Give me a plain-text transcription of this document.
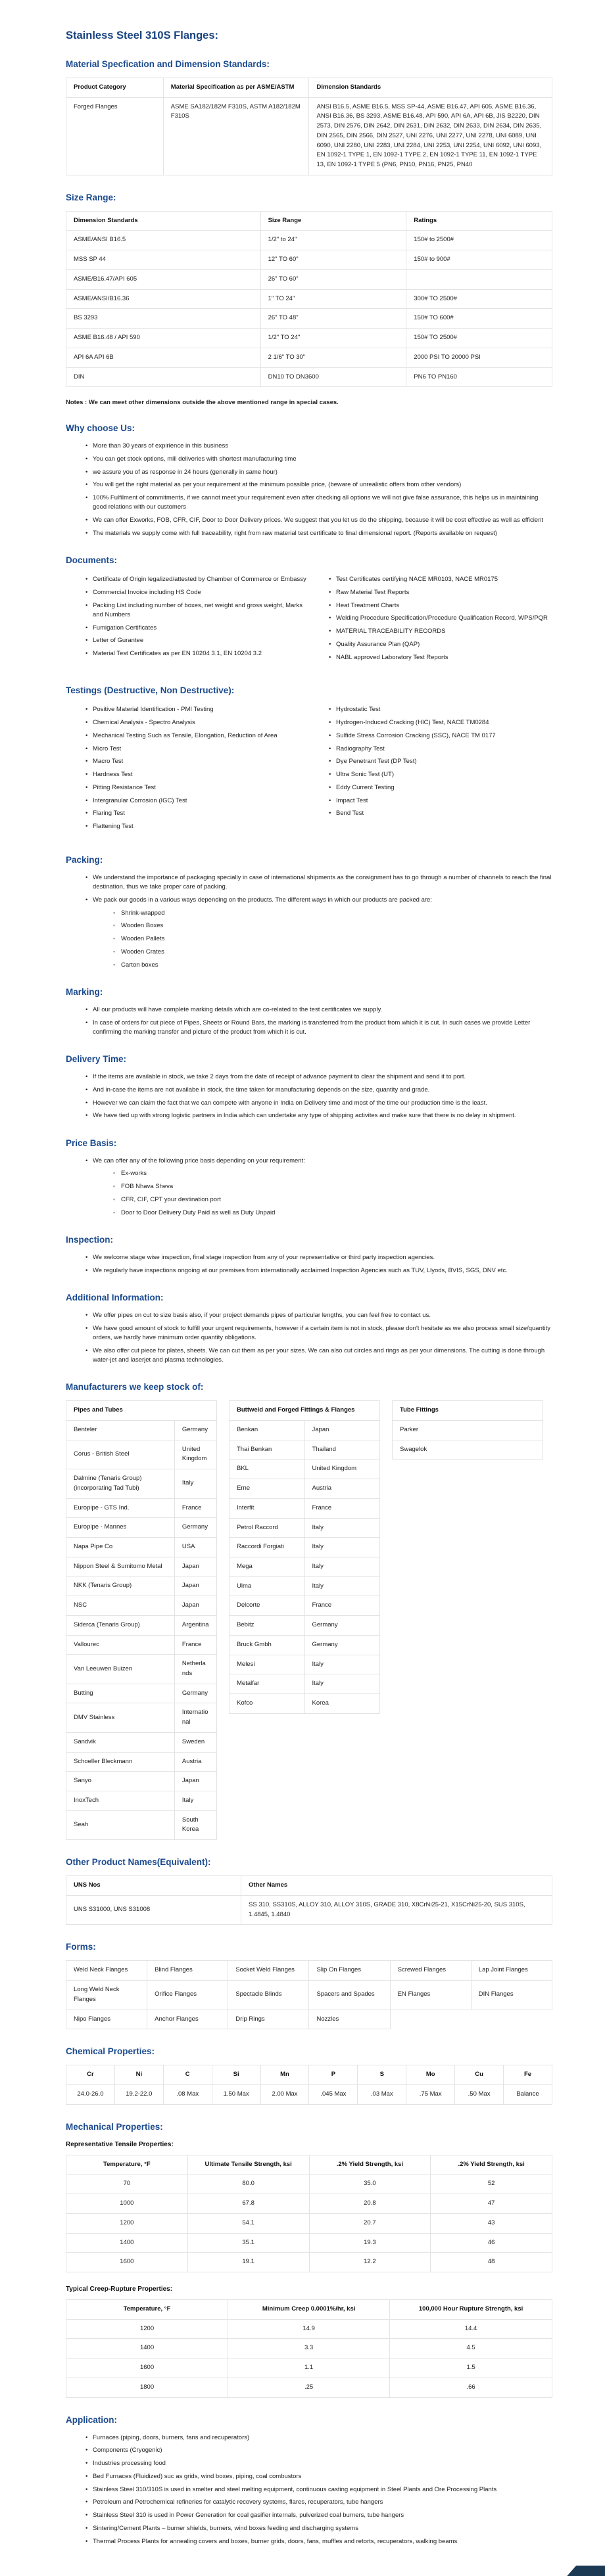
Stainless Steel 310S Flanges:
Material Specfication and Dimension Standards:
Product Category	Material Specification as per ASME/ASTM	Dimension Standards
Forged Flanges	ASME SA182/182M F310S, ASTM A182/182M F310S	ANSI B16.5, ASME B16.5, MSS SP-44, ASME B16.47, API 605, ASME B16.36, ANSI B16.36, BS 3293, ASME B16.48, API 590, API 6A, API 6B, JIS B2220, DIN 2573, DIN 2576, DIN 2642, DIN 2631, DIN 2632, DIN 2633, DIN 2634, DIN 2635, DIN 2565, DIN 2566, DIN 2527, UNI 2276, UNI 2277, UNI 2278, UNI 6089, UNI 6090, UNI 2280, UNI 2283, UNI 2284, UNI 2253, UNI 2254, UNI 6092, UNI 6093, EN 1092-1 TYPE 1, EN 1092-1 TYPE 2, EN 1092-1 TYPE 11, EN 1092-1 TYPE 13, EN 1092-1 TYPE 5 (PN6, PN10, PN16, PN25, PN40
Size Range:
Dimension Standards	Size Range	Ratings
ASME/ANSI B16.5	1/2" to 24"	150# to 2500#
MSS SP 44	12" TO 60"	150# to 900#
ASME/B16.47/API 605	26" TO 60"	
ASME/ANSI/B16.36	1" TO 24"	300# TO 2500#
BS 3293	26" TO 48"	150# TO 600#
ASME B16.48 / API 590	1/2" TO 24"	150# TO 2500#
API 6A API 6B	2 1/6" TO 30"	2000 PSI TO 20000 PSI
DIN	DN10 TO DN3600	PN6 TO PN160

Notes : We can meet other dimensions outside the above mentioned range in special cases.

Why choose Us:
• More than 30 years of expirience in this business
• You can get stock options, mill deliveries with shortest manufacturing time
• we assure you of as response in 24 hours (generally in same hour)
• You will get the right material as per your requirement at the minimum possible price, (beware of unrealistic offers from other vendors)
• 100% Fulfilment of commitments, if we cannot meet your requirement even after checking all options we will not give false assurance, this helps us in maintaining good relations with our customers
• We can offer Exworks, FOB, CFR, CIF, Door to Door Delivery prices. We suggest that you let us do the shipping, because it will be cost effective as well as efficient
• The materials we supply come with full traceability, right from raw material test certificate to final dimensional report. (Reports available on request)
Documents:
• Certificate of Origin legalized/attested by Chamber of Commerce or Embassy
• Commercial Invoice including HS Code
• Packing List including number of boxes, net weight and gross weight, Marks and Numbers
• Fumigation Certificates
• Letter of Gurantee
• Material Test Certificates as per EN 10204 3.1, EN 10204 3.2
• Test Certificates certifying NACE MR0103, NACE MR0175
• Raw Material Test Reports
• Heat Treatment Charts
• Welding Procedure Specification/Procedure Qualification Record, WPS/PQR
• MATERIAL TRACEABILITY RECORDS
• Quality Assurance Plan (QAP)
• NABL approved Laboratory Test Reports
Testings (Destructive, Non Destructive):
• Positive Material Identification - PMI Testing
• Chemical Analysis - Spectro Analysis
• Mechanical Testing Such as Tensile, Elongation, Reduction of Area
• Micro Test
• Macro Test
• Hardness Test
• Pitting Resistance Test
• Intergranular Corrosion (IGC) Test
• Flaring Test
• Flattening Test
• Hydrostatic Test
• Hydrogen-Induced Cracking (HIC) Test, NACE TM0284
• Sulfide Stress Corrosion Cracking (SSC), NACE TM 0177
• Radiography Test
• Dye Penetrant Test (DP Test)
• Ultra Sonic Test (UT)
• Eddy Current Testing
• Impact Test
• Bend Test
Packing:
• We understand the importance of packaging specially in case of international shipments as the consignment has to go through a number of channels to reach the final destination, thus we take proper care of packing.
• We pack our goods in a various ways depending on the products. The different ways in which our products are packed are:
◦ Shrink-wrapped
◦ Wooden Boxes
◦ Wooden Pallets
◦ Wooden Crates
◦ Carton boxes
Marking:
• All our products will have complete marking details which are co-related to the test certificates we supply.
• In case of orders for cut piece of Pipes, Sheets or Round Bars, the marking is transferred from the product from which it is cut. In such cases we provide Letter confirming the marking transfer and picture of the product from which it is cut.
Delivery Time:
• If the items are available in stock, we take 2 days from the date of receipt of advance payment to clear the shipment and send it to port.
• And in-case the items are not availabe in stock, the time taken for manufacturing depends on the size, quantity and grade.
• However we can claim the fact that we can compete with anyone in India on Delivery time and most of the time our production time is the least.
• We have tied up with strong logistic partners in India which can undertake any type of shipping activites and make sure that there is no delay in shipment.
Price Basis:
• We can offer any of the following price basis depending on your requirement:
◦ Ex-works
◦ FOB Nhava Sheva
◦ CFR, CIF, CPT your destination port
◦ Door to Door Delivery Duty Paid as well as Duty Unpaid
Inspection:
• We welcome stage wise inspection, final stage inspection from any of your representative or third party inspection agencies.
• We regularly have inspections ongoing at our premises from internationally acclaimed Inspection Agencies such as TUV, Llyods, BVIS, SGS, DNV etc.
Additional Information:
• We offer pipes on cut to size basis also, if your project demands pipes of particular lengths, you can feel free to contact us.
• We have good amount of stock to fulfill your urgent requirements, however if a certain item is not in stock, please don't hesitate as we also process small size/quantity orders, we hardly have minimum order quantity obligations.
• We also offer cut piece for plates, sheets. We can cut them as per your sizes. We can also cut circles and rings as per your dimensions. The cutting is done through water-jet and laserjet and plasma technologies.
Manufacturers we keep stock of:
Pipes and Tubes	
Benteler	Germany
Corus - British Steel	United Kingdom
Dalmine (Tenaris Group) (incorporating Tad Tubi)	Italy
Europipe - GTS Ind.	France
Europipe - Mannes	Germany
Napa Pipe Co	USA
Nippon Steel & Sumitomo Metal	Japan
NKK (Tenaris Group)	Japan
NSC	Japan
Siderca (Tenaris Group)	Argentina
Vallourec	France
Van Leeuwen Buizen	Netherlands
Butting	Germany
DMV Stainless	International
Sandvik	Sweden
Schoeller Bleckmann	Austria
Sanyo	Japan
InoxTech	Italy
Seah	South Korea
Buttweld and Forged Fittings & Flanges	
Benkan	Japan
Thai Benkan	Thailand
BKL	United Kingdom
Erne	Austria
Interfit	France
Petrol Raccord	Italy
Raccordi Forgiati	Italy
Mega	Italy
Ulma	Italy
Delcorte	France
Bebitz	Germany
Bruck Gmbh	Germany
Melesi	Italy
Metalfar	Italy
Kofco	Korea
Tube Fittings
Parker
Swagelok
Other Product Names(Equivalent):
UNS Nos	Other Names
UNS S31000, UNS S31008	SS 310, SS310S, ALLOY 310, ALLOY 310S, GRADE 310, X8CrNi25-21, X15CrNi25-20, SUS 310S, 1.4845, 1.4840
Forms:
Weld Neck Flanges	Blind Flanges	Socket Weld Flanges	Slip On Flanges	Screwed Flanges	Lap Joint Flanges
Long Weld Neck Flanges	Orifice Flanges	Spectacle Blinds	Spacers and Spades	EN Flanges	DIN Flanges
Nipo Flanges	Anchor Flanges	Drip Rings	Nozzles		
Chemical Properties:
Cr	Ni	C	Si	Mn	P	S	Mo	Cu	Fe
24.0-26.0	19.2-22.0	.08 Max	1.50 Max	2.00 Max	.045 Max	.03 Max	.75 Max	.50 Max	Balance
Mechanical Properties:

Representative Tensile Properties:

Temperature, °F	Ultimate Tensile Strength, ksi	.2% Yield Strength, ksi	.2% Yield Strength, ksi
70	80.0	35.0	52
1000	67.8	20.8	47
1200	54.1	20.7	43
1400	35.1	19.3	46
1600	19.1	12.2	48

Typical Creep-Rupture Properties:

Temperature, °F	Minimum Creep 0.0001%/hr, ksi	100,000 Hour Rupture Strength, ksi
1200	14.9	14.4
1400	3.3	4.5
1600	1.1	1.5
1800	.25	.66
Application:
• Furnaces (piping, doors, burners, fans and recuperators)
• Components (Cryogenic)
• Industries processing food
• Bed Furnaces (Fluidized) suc as grids, wind boxes, piping, coal combustors
• Stainless Steel 310/310S is used in smelter and steel melting equipment, continuous casting equipment in Steel Plants and Ore Processing Plants
• Petroleum and Petrochemical refineries for catalytic recovery systems, flares, recuperators, tube hangers
• Stainless Steel 310 is used in Power Generation for coal gasifier internals, pulverized coal burners, tube hangers
• Sintering/Cement Plants – burner shields, burners, wind boxes feeding and discharging systems
• Thermal Process Plants for annealing covers and boxes, burner grids, doors, fans, muffles and retorts, recuperators, walking beams
